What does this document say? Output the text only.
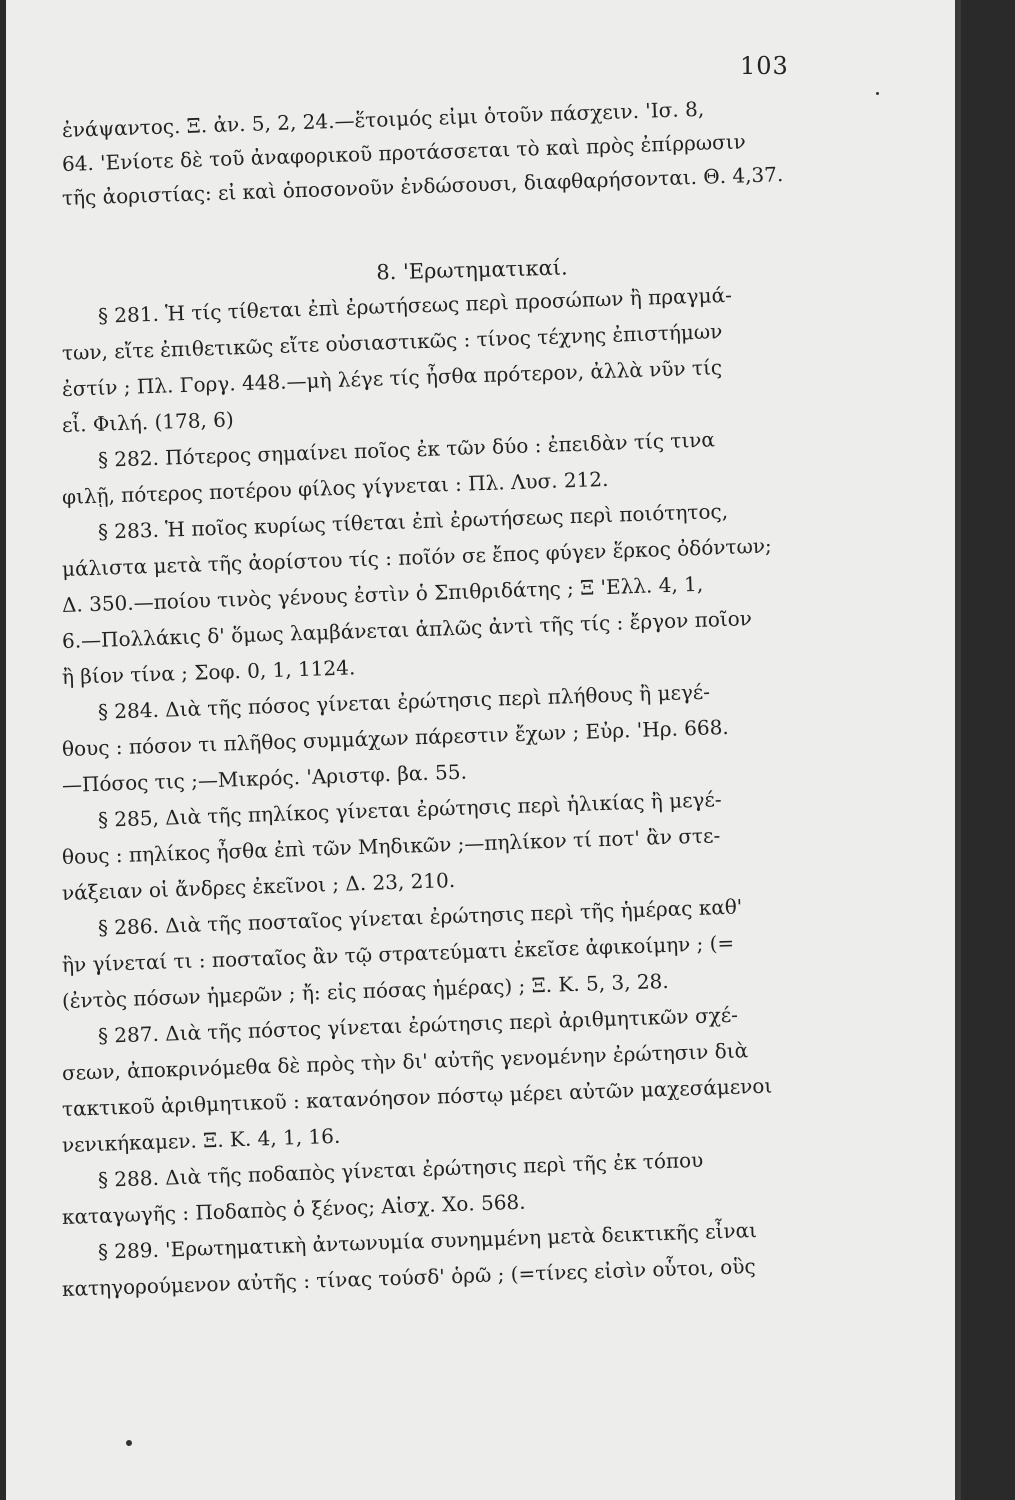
103
ἐνάψαντος. Ξ. ἀν. 5, 2, 24.—ἕτοιμός εἰμι ὁτοῦν πάσχειν. 'Ισ. 8,
64. 'Ενίοτε δὲ τοῦ ἀναφορικοῦ προτάσσεται τὸ καὶ πρὸς ἐπίρρωσιν
τῆς ἀοριστίας: εἰ καὶ ὁποσονοῦν ἐνδώσουσι, διαφθαρήσονται. Θ. 4,37.
8. 'Ερωτηματικαί.
§ 281. Ἡ τίς τίθεται ἐπὶ ἐρωτήσεως περὶ προσώπων ἢ πραγμά-
των, εἴτε ἐπιθετικῶς εἴτε οὐσιαστικῶς : τίνος τέχνης ἐπιστήμων
ἐστίν ; Πλ. Γοργ. 448.—μὴ λέγε τίς ἦσθα πρότερον, ἀλλὰ νῦν τίς
εἶ. Φιλή. (178, 6)
§ 282. Πότερος σημαίνει ποῖος ἐκ τῶν δύο : ἐπειδὰν τίς τινα
φιλῇ, πότερος ποτέρου φίλος γίγνεται : Πλ. Λυσ. 212.
§ 283. Ἡ ποῖος κυρίως τίθεται ἐπὶ ἐρωτήσεως περὶ ποιότητος,
μάλιστα μετὰ τῆς ἀορίστου τίς : ποῖόν σε ἔπος φύγεν ἕρκος ὀδόντων;
Δ. 350.—ποίου τινὸς γένους ἐστὶν ὁ Σπιθριδάτης ; Ξ 'Ελλ. 4, 1,
6.—Πολλάκις δ' ὅμως λαμβάνεται ἁπλῶς ἀντὶ τῆς τίς : ἔργον ποῖον
ἢ βίον τίνα ; Σοφ. 0, 1, 1124.
§ 284. Διὰ τῆς πόσος γίνεται ἐρώτησις περὶ πλήθους ἢ μεγέ-
θους : πόσον τι πλῆθος συμμάχων πάρεστιν ἔχων ; Εὐρ. 'Ηρ. 668.
—Πόσος τις ;—Μικρός. 'Αριστφ. βα. 55.
§ 285, Διὰ τῆς πηλίκος γίνεται ἐρώτησις περὶ ἡλικίας ἢ μεγέ-
θους : πηλίκος ἦσθα ἐπὶ τῶν Μηδικῶν ;—πηλίκον τί ποτ' ἂν στε-
νάξειαν οἱ ἄνδρες ἐκεῖνοι ; Δ. 23, 210.
§ 286. Διὰ τῆς ποσταῖος γίνεται ἐρώτησις περὶ τῆς ἡμέρας καθ'
ἣν γίνεταί τι : ποσταῖος ἂν τῷ στρατεύματι ἐκεῖσε ἀφικοίμην ; (=
(ἐντὸς πόσων ἡμερῶν ; ἤ: εἰς πόσας ἡμέρας) ; Ξ. Κ. 5, 3, 28.
§ 287. Διὰ τῆς πόστος γίνεται ἐρώτησις περὶ ἀριθμητικῶν σχέ-
σεων, ἀποκρινόμεθα δὲ πρὸς τὴν δι' αὐτῆς γενομένην ἐρώτησιν διὰ
τακτικοῦ ἀριθμητικοῦ : κατανόησον πόστῳ μέρει αὐτῶν μαχεσάμενοι
νενικήκαμεν. Ξ. Κ. 4, 1, 16.
§ 288. Διὰ τῆς ποδαπὸς γίνεται ἐρώτησις περὶ τῆς ἐκ τόπου
καταγωγῆς : Ποδαπὸς ὁ ξένος; Αἰσχ. Χο. 568.
§ 289. 'Ερωτηματικὴ ἀντωνυμία συνημμένη μετὰ δεικτικῆς εἶναι
κατηγορούμενον αὐτῆς : τίνας τούσδ' ὁρῶ ; (=τίνες εἰσὶν οὗτοι, οὓς
